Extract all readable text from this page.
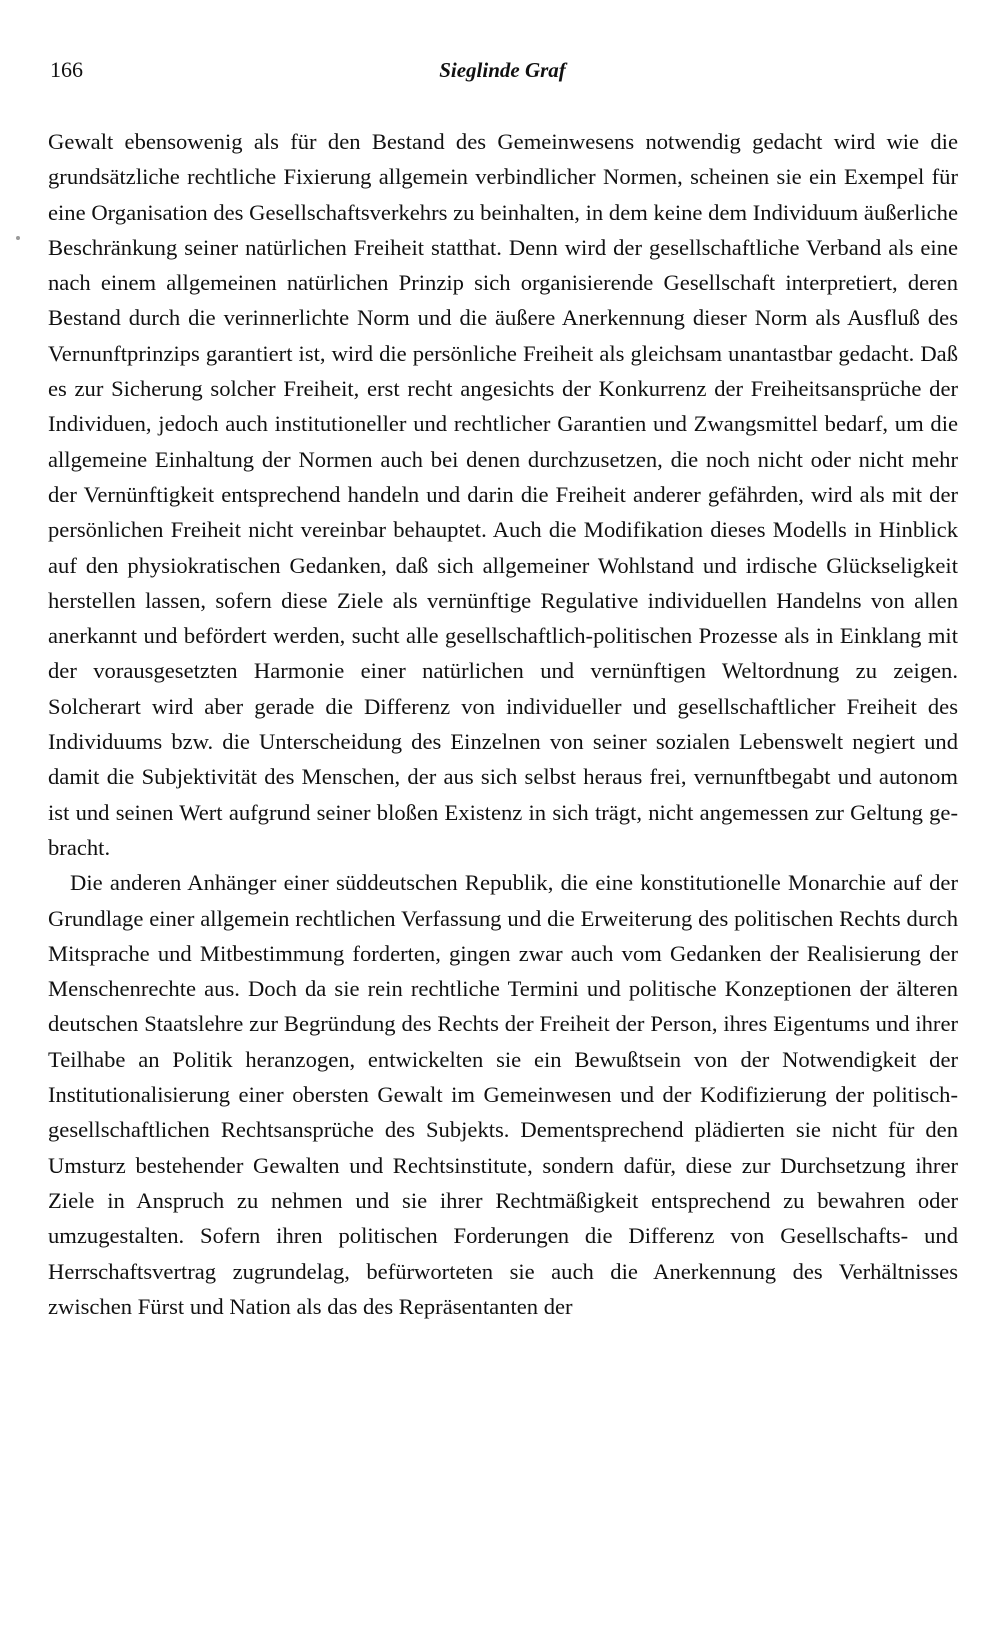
166	Sieglinde Graf

Gewalt ebensowenig als für den Bestand des Gemeinwesens notwendig gedacht wird wie die grundsätzliche rechtliche Fixierung allgemein verbindlicher Normen, scheinen sie ein Exempel für eine Organisation des Gesellschaftsverkehrs zu beinhalten, in dem keine dem Individuum äußerliche Beschränkung seiner natürlichen Freiheit statthat. Denn wird der gesellschaftliche Verband als eine nach einem allgemeinen natürlichen Prinzip sich organisierende Gesellschaft interpretiert, deren Bestand durch die verinnerlichte Norm und die äußere Anerkennung dieser Norm als Ausfluß des Vernunftprinzips garantiert ist, wird die persönliche Freiheit als gleichsam unantastbar gedacht. Daß es zur Sicherung solcher Freiheit, erst recht angesichts der Konkurrenz der Freiheitsansprüche der Individuen, jedoch auch institutioneller und rechtlicher Garantien und Zwangsmittel bedarf, um die allgemeine Einhaltung der Normen auch bei denen durchzusetzen, die noch nicht oder nicht mehr der Vernünftigkeit entsprechend handeln und darin die Freiheit anderer gefährden, wird als mit der persönlichen Freiheit nicht vereinbar behauptet. Auch die Modifikation dieses Modells in Hinblick auf den physiokratischen Gedanken, daß sich allgemeiner Wohlstand und irdische Glückseligkeit herstellen lassen, sofern diese Ziele als vernünftige Regulative individuellen Handelns von allen anerkannt und befördert werden, sucht alle gesellschaftlich-politischen Prozesse als in Einklang mit der vorausgesetzten Harmonie einer natürlichen und vernünftigen Weltordnung zu zeigen. Solcherart wird aber gerade die Differenz von individueller und gesellschaftlicher Freiheit des Individuums bzw. die Unterscheidung des Einzelnen von seiner sozialen Lebenswelt negiert und damit die Subjektivität des Menschen, der aus sich selbst heraus frei, vernunftbegabt und autonom ist und seinen Wert aufgrund seiner bloßen Existenz in sich trägt, nicht angemessen zur Geltung gebracht.

Die anderen Anhänger einer süddeutschen Republik, die eine konstitutionelle Monarchie auf der Grundlage einer allgemein rechtlichen Verfassung und die Erweiterung des politischen Rechts durch Mitsprache und Mitbestimmung forderten, gingen zwar auch vom Gedanken der Realisierung der Menschenrechte aus. Doch da sie rein rechtliche Termini und politische Konzeptionen der älteren deutschen Staatslehre zur Begründung des Rechts der Freiheit der Person, ihres Eigentums und ihrer Teilhabe an Politik heranzogen, entwickelten sie ein Bewußtsein von der Notwendigkeit der Institutionalisierung einer obersten Gewalt im Gemeinwesen und der Kodifizierung der politisch-gesellschaftlichen Rechtsansprüche des Subjekts. Dementsprechend plädierten sie nicht für den Umsturz bestehender Gewalten und Rechtsinstitute, sondern dafür, diese zur Durchsetzung ihrer Ziele in Anspruch zu nehmen und sie ihrer Rechtmäßigkeit entsprechend zu bewahren oder umzugestalten. Sofern ihren politischen Forderungen die Differenz von Gesellschafts- und Herrschaftsvertrag zugrundelag, befürworteten sie auch die Anerkennung des Verhältnisses zwischen Fürst und Nation als das des Repräsentanten der
